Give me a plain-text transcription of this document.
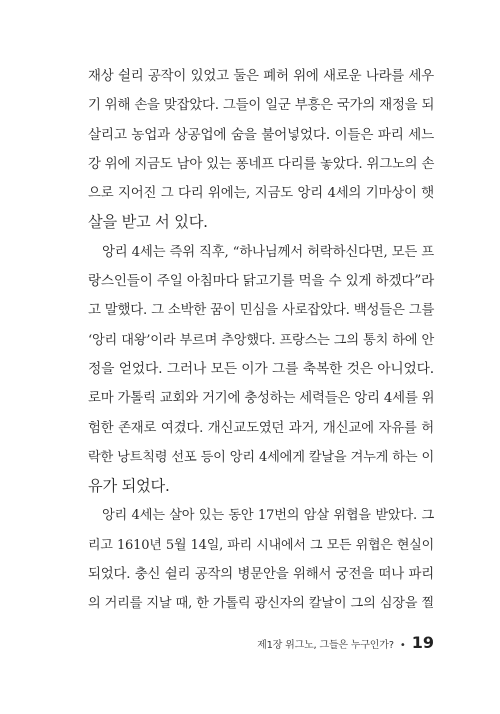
재상 쉴리 공작이 있었고 둘은 폐허 위에 새로운 나라를 세우
기 위해 손을 맞잡았다. 그들이 일군 부흥은 국가의 재정을 되
살리고 농업과 상공업에 숨을 불어넣었다. 이들은 파리 세느
강 위에 지금도 남아 있는 퐁네프 다리를 놓았다. 위그노의 손
으로 지어진 그 다리 위에는, 지금도 앙리 4세의 기마상이 햇
살을 받고 서 있다.
앙리 4세는 즉위 직후, “하나님께서 허락하신다면, 모든 프
랑스인들이 주일 아침마다 닭고기를 먹을 수 있게 하겠다”라
고 말했다. 그 소박한 꿈이 민심을 사로잡았다. 백성들은 그를
‘앙리 대왕’이라 부르며 추앙했다. 프랑스는 그의 통치 하에 안
정을 얻었다. 그러나 모든 이가 그를 축복한 것은 아니었다.
로마 가톨릭 교회와 거기에 충성하는 세력들은 앙리 4세를 위
험한 존재로 여겼다. 개신교도였던 과거, 개신교에 자유를 허
락한 낭트칙령 선포 등이 앙리 4세에게 칼날을 겨누게 하는 이
유가 되었다.
앙리 4세는 살아 있는 동안 17번의 암살 위협을 받았다. 그
리고 1610년 5월 14일, 파리 시내에서 그 모든 위협은 현실이
되었다. 충신 쉴리 공작의 병문안을 위해서 궁전을 떠나 파리
의 거리를 지날 때, 한 가톨릭 광신자의 칼날이 그의 심장을 찔
제1장 위그노, 그들은 누구인가? • 19
